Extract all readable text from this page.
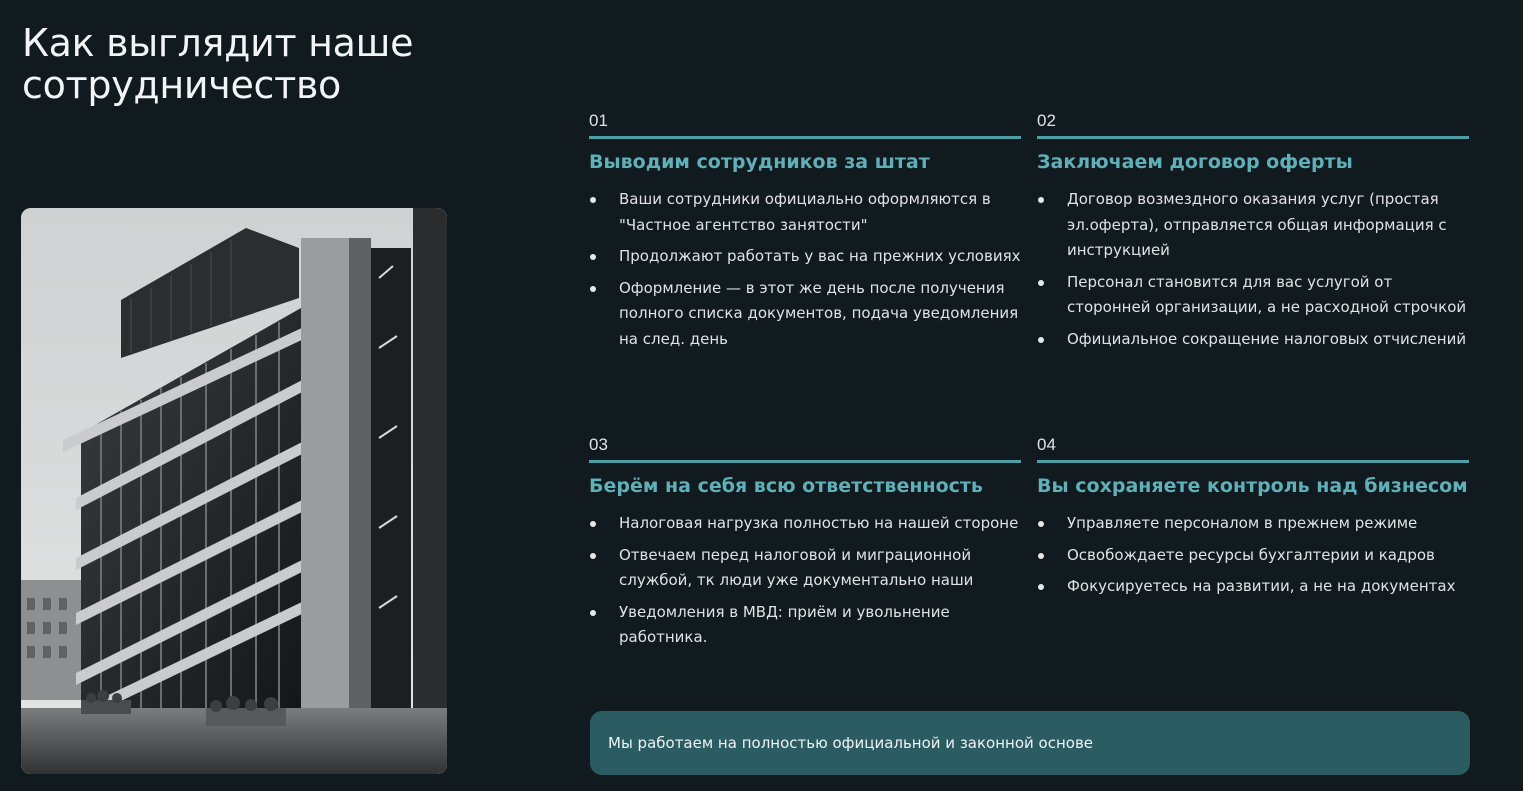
Как выглядит наше сотрудничество
01
Выводим сотрудников за штат
Ваши сотрудники официально оформляются в "Частное агентство занятости"
Продолжают работать у вас на прежних условиях
Оформление — в этот же день после получения полного списка документов, подача уведомления на след. день
02
Заключаем договор оферты
Договор возмездного оказания услуг (простая эл.оферта), отправляется общая информация с инструкцией
Персонал становится для вас услугой от сторонней организации, а не расходной строчкой
Официальное сокращение налоговых отчислений
03
Берём на себя всю ответственность
Налоговая нагрузка полностью на нашей стороне
Отвечаем перед налоговой и миграционной службой, тк люди уже документально наши
Уведомления в МВД: приём и увольнение работника.
04
Вы сохраняете контроль над бизнесом
Управляете персоналом в прежнем режиме
Освобождаете ресурсы бухгалтерии и кадров
Фокусируетесь на развитии, а не на документах
Мы работаем на полностью официальной и законной основе
